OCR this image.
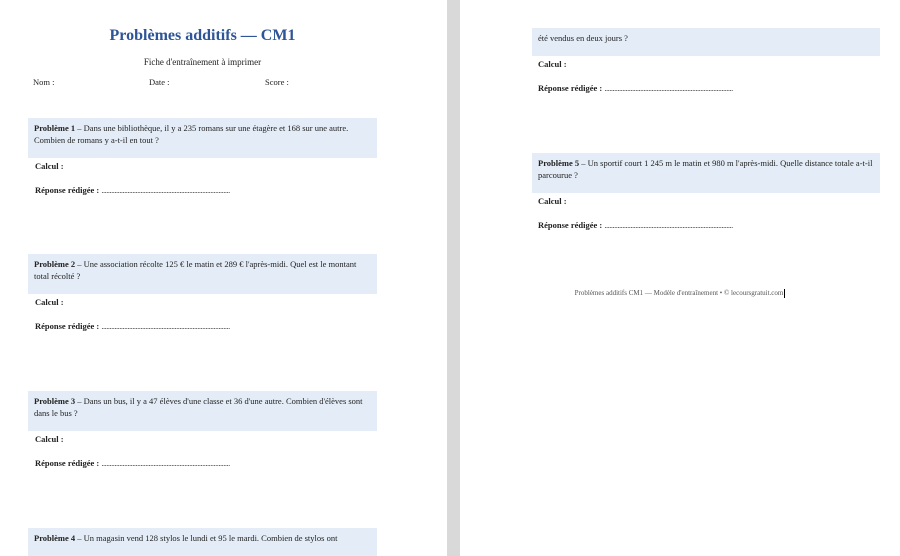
Problèmes additifs — CM1
Fiche d'entraînement à imprimer
Nom :	Date :	Score :
Problème 1 – Dans une bibliothèque, il y a 235 romans sur une étagère et 168 sur une autre. Combien de romans y a-t-il en tout ?
Calcul :
Réponse rédigée : ...............................................................................
Problème 2 – Une association récolte 125 € le matin et 289 € l'après-midi. Quel est le montant total récolté ?
Calcul :
Réponse rédigée : ...............................................................................
Problème 3 – Dans un bus, il y a 47 élèves d'une classe et 36 d'une autre. Combien d'élèves sont dans le bus ?
Calcul :
Réponse rédigée : ...............................................................................
Problème 4 – Un magasin vend 128 stylos le lundi et 95 le mardi. Combien de stylos ont
été vendus en deux jours ?
Calcul :
Réponse rédigée : ...............................................................................
Problème 5 – Un sportif court 1 245 m le matin et 980 m l'après-midi. Quelle distance totale a-t-il parcourue ?
Calcul :
Réponse rédigée : ...............................................................................
Problèmes additifs CM1 — Modèle d'entraînement • © lecoursgratuit.com
